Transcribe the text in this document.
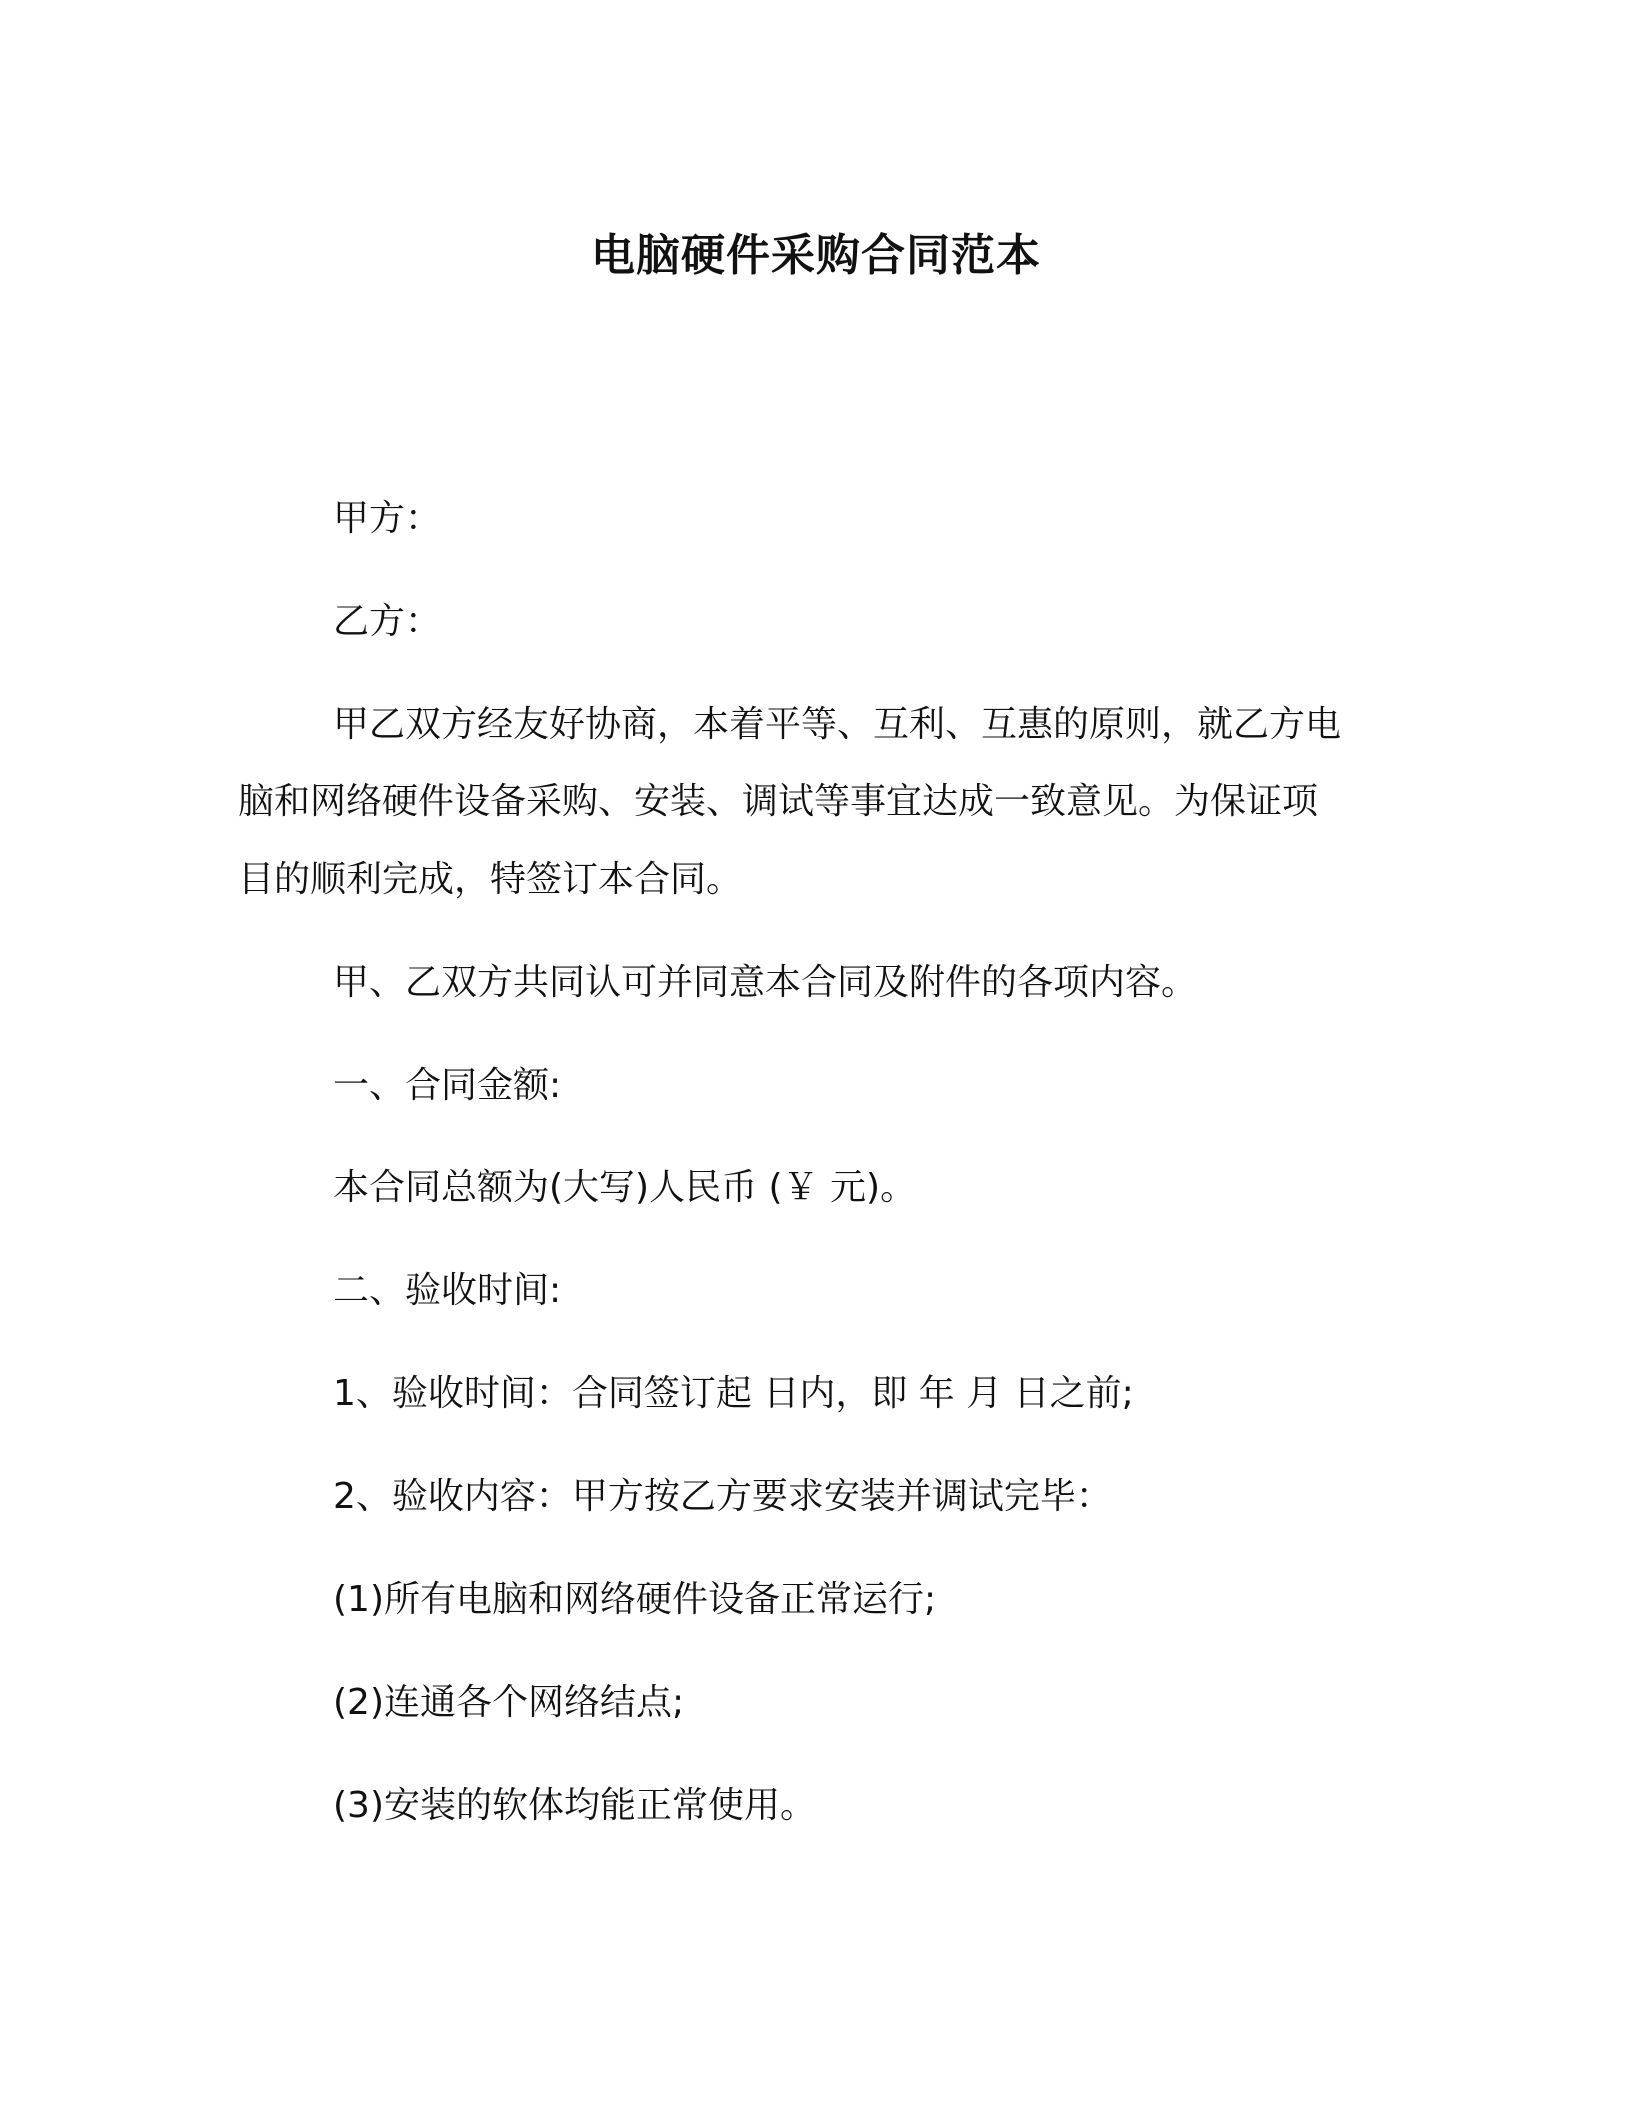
电脑硬件采购合同范本
甲方：
乙方：
甲乙双方经友好协商，本着平等、互利、互惠的原则，就乙方电
脑和网络硬件设备采购、安装、调试等事宜达成一致意见。为保证项
目的顺利完成，特签订本合同。
甲、乙双方共同认可并同意本合同及附件的各项内容。
一、合同金额:
本合同总额为(大写)人民币 (￥ 元)。
二、验收时间:
1、验收时间：合同签订起 日内，即 年 月 日之前;
2、验收内容：甲方按乙方要求安装并调试完毕：
(1)所有电脑和网络硬件设备正常运行;
(2)连通各个网络结点;
(3)安装的软体均能正常使用。
